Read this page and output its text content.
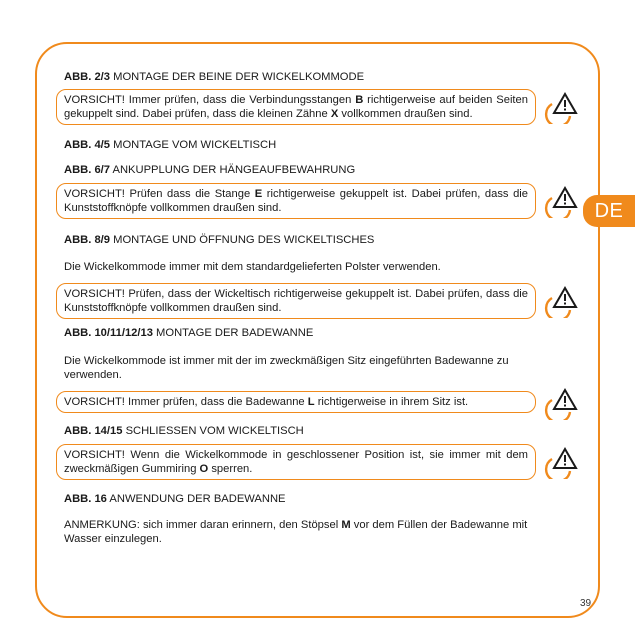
DE
ABB. 2/3 MONTAGE DER BEINE DER WICKELKOMMODE
VORSICHT! Immer prüfen, dass die Verbindungsstangen B richtigerweise auf beiden Seiten gekuppelt sind. Dabei prüfen, dass die kleinen Zähne X vollkommen draußen sind.
ABB. 4/5 MONTAGE VOM WICKELTISCH
ABB. 6/7 ANKUPPLUNG DER HÄNGEAUFBEWAHRUNG
VORSICHT! Prüfen dass die Stange E richtigerweise gekuppelt ist. Dabei prüfen, dass die Kunststoffknöpfe vollkommen draußen sind.
ABB. 8/9 MONTAGE UND ÖFFNUNG DES WICKELTISCHES
Die Wickelkommode immer mit dem standardgelieferten Polster verwenden.
VORSICHT! Prüfen, dass der Wickeltisch richtigerweise gekuppelt ist. Dabei prüfen, dass die Kunststoffknöpfe vollkommen draußen sind.
ABB. 10/11/12/13 MONTAGE DER BADEWANNE
Die Wickelkommode ist immer mit der im zweckmäßigen Sitz eingeführten Badewanne zu verwenden.
VORSICHT! Immer prüfen, dass die Badewanne L richtigerweise in ihrem Sitz ist.
ABB. 14/15 SCHLIESSEN VOM WICKELTISCH
VORSICHT! Wenn die Wickelkommode in geschlossener Position ist, sie immer mit dem zweckmäßigen Gummiring O sperren.
ABB. 16 ANWENDUNG DER BADEWANNE
ANMERKUNG: sich immer daran erinnern, den Stöpsel M vor dem Füllen der Badewanne mit Wasser einzulegen.
39
